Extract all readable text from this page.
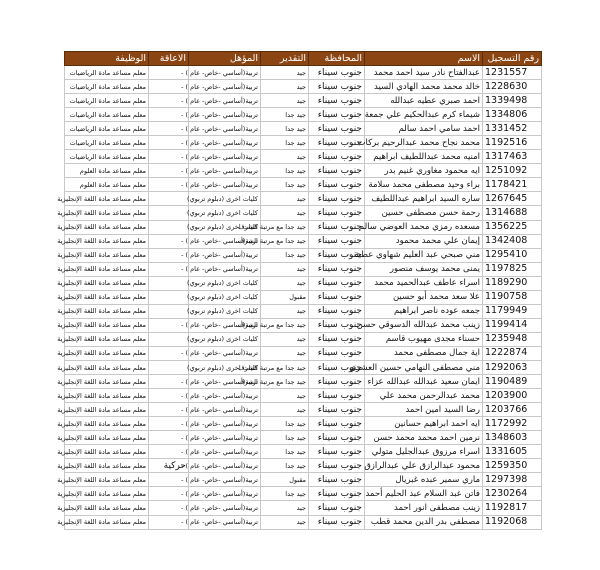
رقم التسجيل	الاسم	المحافظة	التقدير	المؤهل	الاعاقة	الوظيفة
1231557	عبدالفتاح نادر سيد احمد محمد	جنوب سيناء	جيد	تربية(أساسي -خاص- عام ) -		معلم مساعد مادة الرياضيات
1228630	خالد محمد محمد الهادي السيد	جنوب سيناء	جيد	تربية(أساسي -خاص- عام ) -		معلم مساعد مادة الرياضيات
1339498	احمد صبري عطيه عبدالله	جنوب سيناء	جيد	تربية(أساسي -خاص- عام ) -		معلم مساعد مادة الرياضيات
1334806	شيماء كرم عبدالحكيم علي جمعة	جنوب سيناء	جيد جدا	تربية(أساسي -خاص- عام ) -		معلم مساعد مادة الرياضيات
1331452	احمد سامي احمد سالم	جنوب سيناء	جيد جدا	تربية(أساسي -خاص- عام ) -		معلم مساعد مادة الرياضيات
1192516	محمد نجاح محمد عبدالرحيم بركات	جنوب سيناء	جيد جدا	تربية(أساسي -خاص- عام ) -		معلم مساعد مادة الرياضيات
1317463	امنيه محمد عبداللطيف ابراهيم	جنوب سيناء	جيد	تربية(أساسي -خاص- عام ) -		معلم مساعد مادة الرياضيات
1251092	ايه محمود مغاوري غنيم بدر	جنوب سيناء	جيد جدا	تربية(أساسي -خاص- عام ) -		معلم مساعد مادة العلوم
1178421	براء وحيد مصطفى محمد سلامة	جنوب سيناء	جيد جدا	تربية(أساسي -خاص- عام ) -		معلم مساعد مادة العلوم
1267645	ساره السيد ابراهيم عبداللطيف	جنوب سيناء	جيد	كليات اخرى (دبلوم تربوي)		معلم مساعد مادة اللغة الإنجليزية
1314688	رحمة حسن مصطفى حسين	جنوب سيناء	جيد	كليات اخرى (دبلوم تربوي)		معلم مساعد مادة اللغة الإنجليزية
1356225	مسعده رمزي محمد العوضي سالم	جنوب سيناء	جيد جدا مع مرتبة الشرف	كليات اخرى (دبلوم تربوي)		معلم مساعد مادة اللغة الإنجليزية
1342408	إيمان علي محمد محمود	جنوب سيناء	جيد جدا مع مرتبة الشرف	تربية(أساسي -خاص- عام ) -		معلم مساعد مادة اللغة الإنجليزية
1295410	مني صبحي عبد العليم شهاوي عطية	جنوب سيناء	جيد جدا	تربية(أساسي -خاص- عام ) -		معلم مساعد مادة اللغة الإنجليزية
1197825	يمنى محمد يوسف منصور	جنوب سيناء	جيد	تربية(أساسي -خاص- عام ) -		معلم مساعد مادة اللغة الإنجليزية
1189290	اسراء عاطف عبدالحميد محمد	جنوب سيناء	جيد	كليات اخرى (دبلوم تربوي)		معلم مساعد مادة اللغة الإنجليزية
1190758	علا سعد محمد أبو حسين	جنوب سيناء	مقبول	كليات اخرى (دبلوم تربوي)		معلم مساعد مادة اللغة الإنجليزية
1179949	جمعه عوده ناصر ابراهيم	جنوب سيناء	جيد	كليات اخرى (دبلوم تربوي)		معلم مساعد مادة اللغة الإنجليزية
1199414	زينب محمد عبدالله الدسوقي حسن	جنوب سيناء	جيد جدا مع مرتبة الشرف	تربية(أساسي -خاص- عام ) -		معلم مساعد مادة اللغة الإنجليزية
1235948	حسناء مجدى مهيوب قاسم	جنوب سيناء	جيد	كليات اخرى (دبلوم تربوي)		معلم مساعد مادة اللغة الإنجليزية
1222874	اية جمال مصطفى محمد	جنوب سيناء	جيد	تربية(أساسي -خاص- عام ) -		معلم مساعد مادة اللغة الإنجليزية
1292063	مني مصطفى النهامي حسين العشري	جنوب سيناء	جيد جدا مع مرتبة الشرف	كليات اخرى (دبلوم تربوي)		معلم مساعد مادة اللغة الإنجليزية
1190489	ايمان سعيد عبدالله عبدالله عزاء	جنوب سيناء	جيد جدا مع مرتبة الشرف	تربية(أساسي -خاص- عام ) -		معلم مساعد مادة اللغة الإنجليزية
1203900	محمد عبدالرحمن محمد علي	جنوب سيناء	جيد	تربية(أساسي -خاص- عام ) -		معلم مساعد مادة اللغة الإنجليزية
1203766	رضا السيد امين احمد	جنوب سيناء	جيد	تربية(أساسي -خاص- عام ) -		معلم مساعد مادة اللغة الإنجليزية
1172992	ايه احمد ابراهيم حسانين	جنوب سيناء	جيد جدا	تربية(أساسي -خاص- عام ) -		معلم مساعد مادة اللغة الإنجليزية
1348603	نرمين احمد محمد محمد حسن	جنوب سيناء	جيد جدا	تربية(أساسي -خاص- عام ) -		معلم مساعد مادة اللغة الإنجليزية
1331605	اسراء مرزوق عبدالجليل متولي	جنوب سيناء	جيد جدا	تربية(أساسي -خاص- عام ) -		معلم مساعد مادة اللغة الإنجليزية
1259350	محمود عبدالرازق علي عبدالرازق	جنوب سيناء	جيد جدا	تربية(أساسي -خاص- عام ) -	حركية	معلم مساعد مادة اللغة الإنجليزية
1297398	ماري سمير عبده غبريال	جنوب سيناء	مقبول	تربية(أساسي -خاص- عام ) -		معلم مساعد مادة اللغة الإنجليزية
1230264	فاتن عبد السلام عبد الحليم أحمد	جنوب سيناء	جيد جدا	تربية(أساسي -خاص- عام ) -		معلم مساعد مادة اللغة الإنجليزية
1192817	زينب مصطفى انور احمد	جنوب سيناء	جيد	تربية(أساسي -خاص- عام ) -		معلم مساعد مادة اللغة الإنجليزية
1192068	مصطفى بدر الدين محمد قطب	جنوب سيناء	جيد	تربية(أساسي -خاص- عام ) -		معلم مساعد مادة اللغة الإنجليزية
